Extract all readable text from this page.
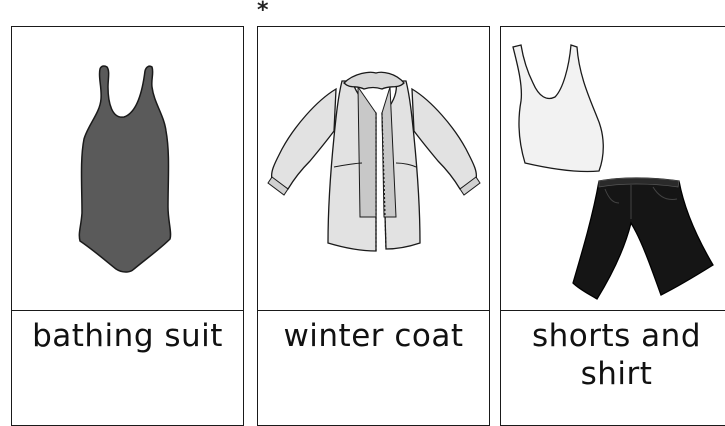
*
bathing suit	winter coat	shorts and shirt
